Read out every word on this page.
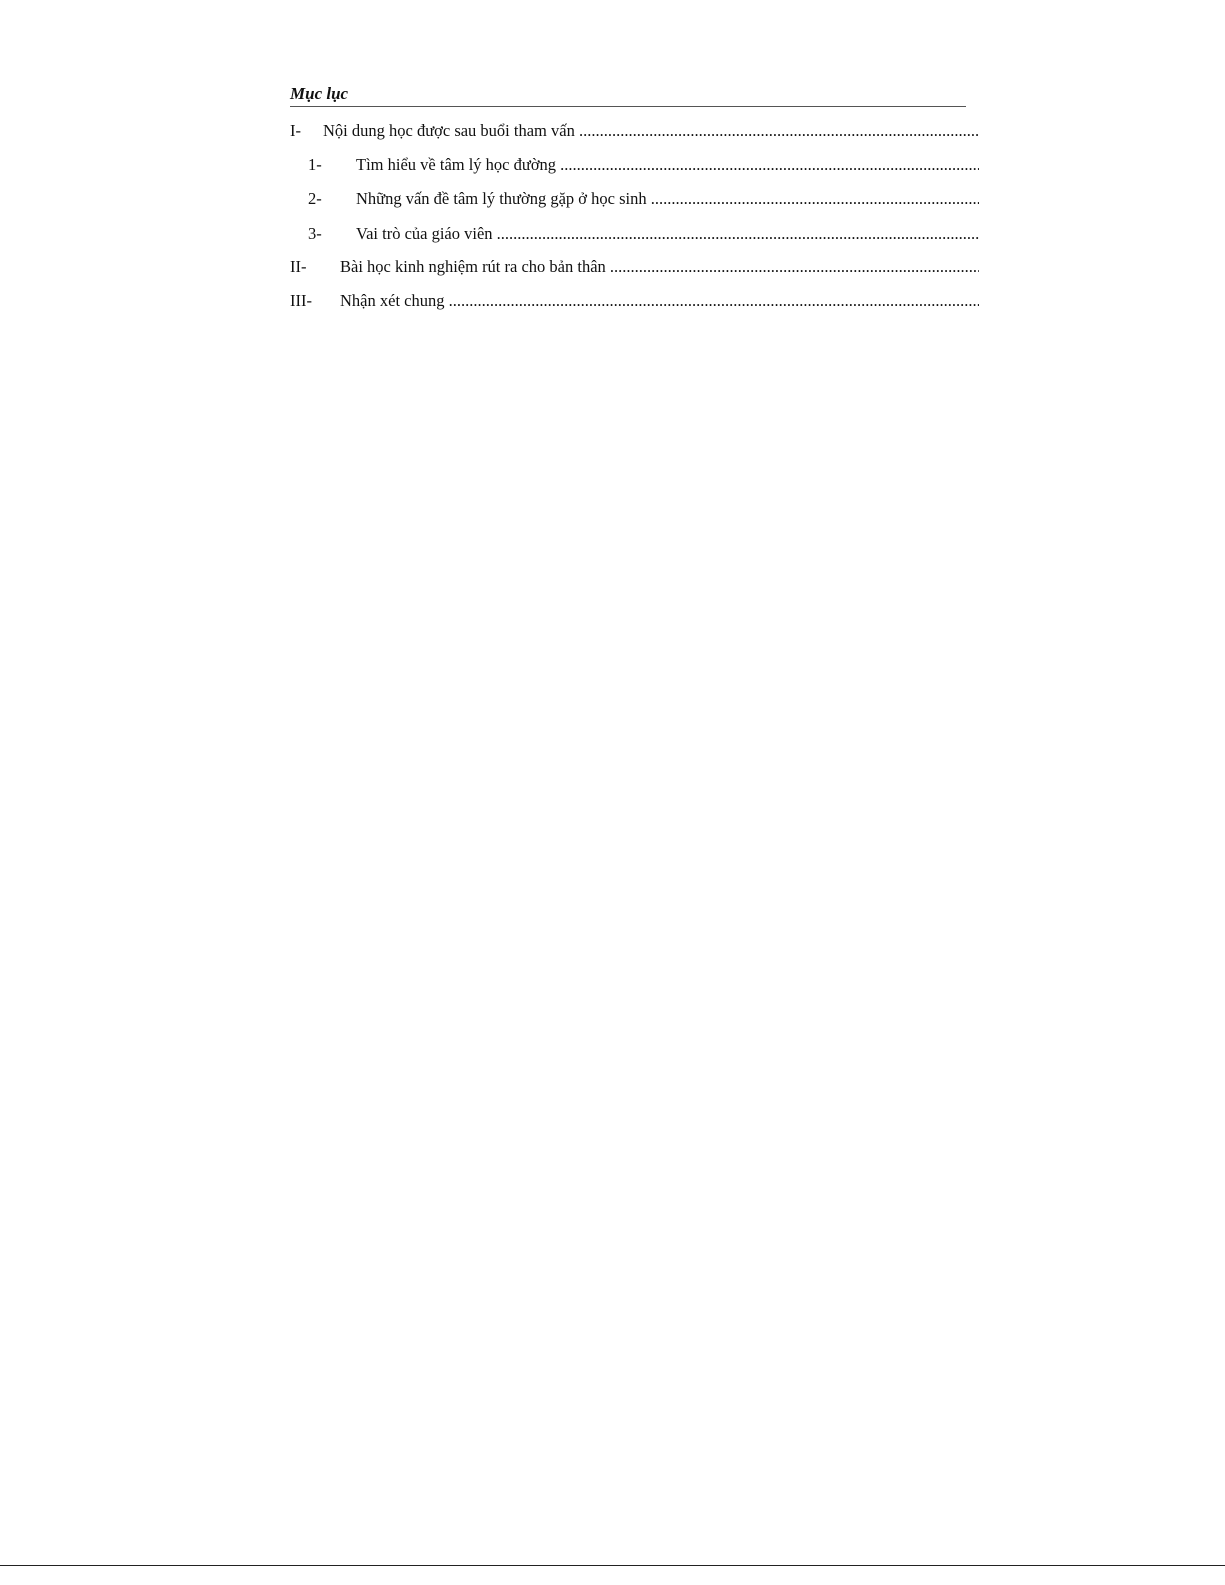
Mục lục
I- Nội dung học được sau buổi tham vấn .....
1- Tìm hiểu về tâm lý học đường .....
2- Những vấn đề tâm lý thường gặp ở học sinh .....
3- Vai trò của giáo viên .....
II- Bài học kinh nghiệm rút ra cho bản thân .....
III- Nhận xét chung .....
